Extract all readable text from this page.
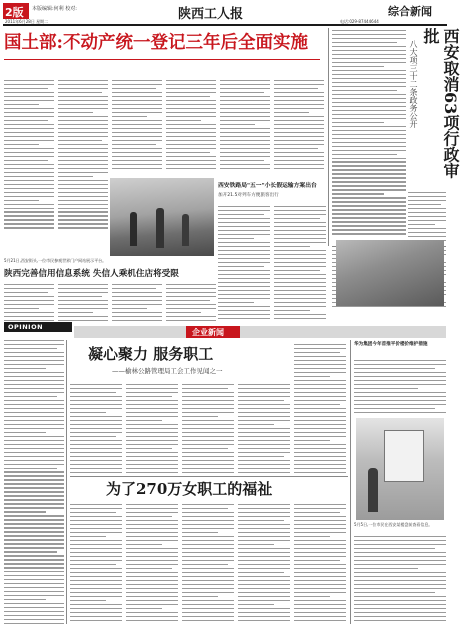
2版 本版编辑:何利 校对:	陕西工人报	综合新闻
2011年6月28日 星期二	电话:029-87444644
国土部:不动产统一登记三年后全面实施	西安取消63项行政审批
八大项三十二条政务公开
西安铁路局"五一"小长假运输方案出台
加开21.5对列车方便旅客出行
5月21日,西安街头,一位市民参观世界门户网站展示平台。
陕西完善信用信息系统 失信人乘机住店将受限
OPINION	企业新闻
凝心聚力 服务职工
——榆林公路管理局工会工作见闻之一
华为集团今年首推平价楼价维护措施
5月5日,一位市民在西安某楼盘前查看信息。
为了270万女职工的福祉
